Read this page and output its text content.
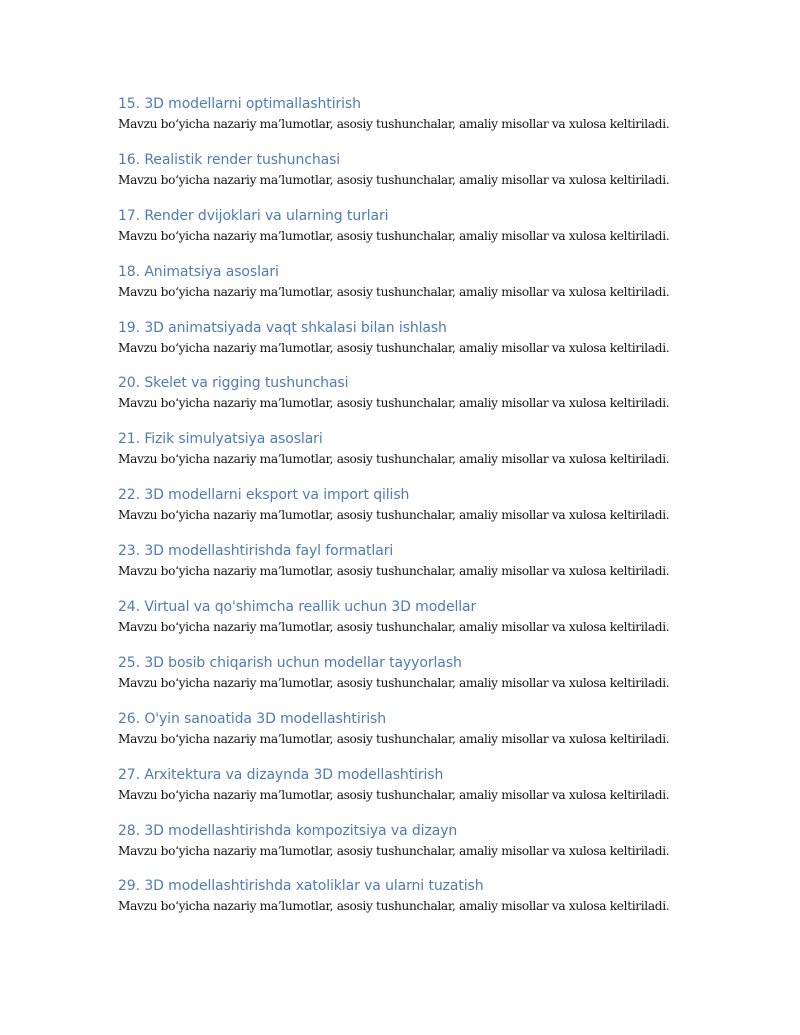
15. 3D modellarni optimallashtirish
Mavzu bo‘yicha nazariy ma’lumotlar, asosiy tushunchalar, amaliy misollar va xulosa keltiriladi.
16. Realistik render tushunchasi
Mavzu bo‘yicha nazariy ma’lumotlar, asosiy tushunchalar, amaliy misollar va xulosa keltiriladi.
17. Render dvijoklari va ularning turlari
Mavzu bo‘yicha nazariy ma’lumotlar, asosiy tushunchalar, amaliy misollar va xulosa keltiriladi.
18. Animatsiya asoslari
Mavzu bo‘yicha nazariy ma’lumotlar, asosiy tushunchalar, amaliy misollar va xulosa keltiriladi.
19. 3D animatsiyada vaqt shkalasi bilan ishlash
Mavzu bo‘yicha nazariy ma’lumotlar, asosiy tushunchalar, amaliy misollar va xulosa keltiriladi.
20. Skelet va rigging tushunchasi
Mavzu bo‘yicha nazariy ma’lumotlar, asosiy tushunchalar, amaliy misollar va xulosa keltiriladi.
21. Fizik simulyatsiya asoslari
Mavzu bo‘yicha nazariy ma’lumotlar, asosiy tushunchalar, amaliy misollar va xulosa keltiriladi.
22. 3D modellarni eksport va import qilish
Mavzu bo‘yicha nazariy ma’lumotlar, asosiy tushunchalar, amaliy misollar va xulosa keltiriladi.
23. 3D modellashtirishda fayl formatlari
Mavzu bo‘yicha nazariy ma’lumotlar, asosiy tushunchalar, amaliy misollar va xulosa keltiriladi.
24. Virtual va qo'shimcha reallik uchun 3D modellar
Mavzu bo‘yicha nazariy ma’lumotlar, asosiy tushunchalar, amaliy misollar va xulosa keltiriladi.
25. 3D bosib chiqarish uchun modellar tayyorlash
Mavzu bo‘yicha nazariy ma’lumotlar, asosiy tushunchalar, amaliy misollar va xulosa keltiriladi.
26. O'yin sanoatida 3D modellashtirish
Mavzu bo‘yicha nazariy ma’lumotlar, asosiy tushunchalar, amaliy misollar va xulosa keltiriladi.
27. Arxitektura va dizaynda 3D modellashtirish
Mavzu bo‘yicha nazariy ma’lumotlar, asosiy tushunchalar, amaliy misollar va xulosa keltiriladi.
28. 3D modellashtirishda kompozitsiya va dizayn
Mavzu bo‘yicha nazariy ma’lumotlar, asosiy tushunchalar, amaliy misollar va xulosa keltiriladi.
29. 3D modellashtirishda xatoliklar va ularni tuzatish
Mavzu bo‘yicha nazariy ma’lumotlar, asosiy tushunchalar, amaliy misollar va xulosa keltiriladi.
